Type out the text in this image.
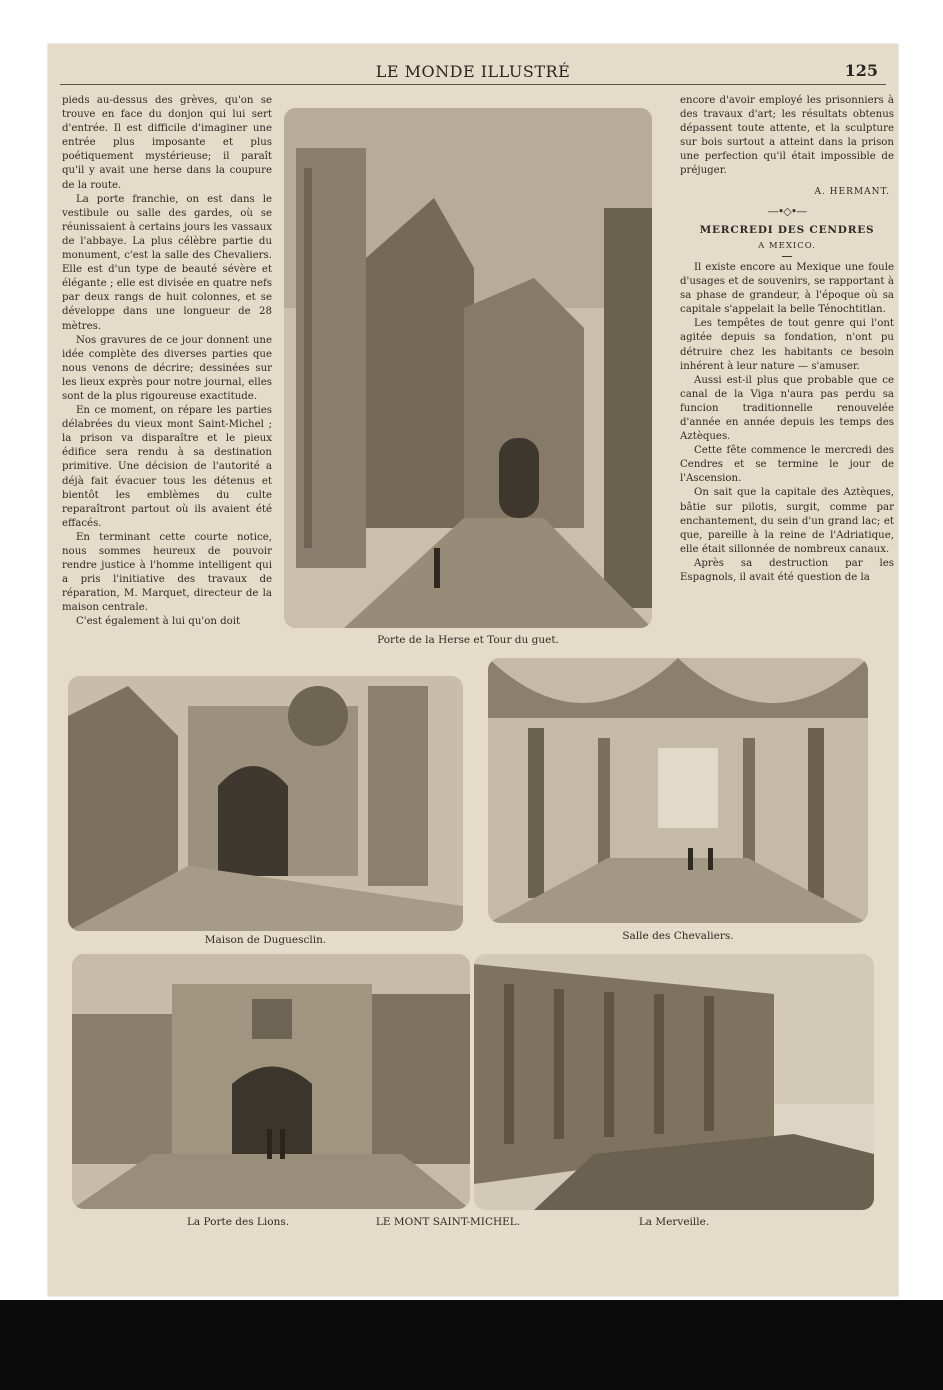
LE MONDE ILLUSTRÉ	125

pieds au-dessus des grèves, qu'on se trouve en face du donjon qui lui sert d'entrée. Il est difficile d'imaginer une entrée plus imposante et plus poétiquement mystérieuse; il paraît qu'il y avait une herse dans la coupure de la route.

La porte franchie, on est dans le vestibule ou salle des gardes, où se réunissaient à certains jours les vassaux de l'abbaye. La plus célèbre partie du monument, c'est la salle des Chevaliers. Elle est d'un type de beauté sévère et élégante ; elle est divisée en quatre nefs par deux rangs de huit colonnes, et se développe dans une longueur de 28 mètres.

Nos gravures de ce jour donnent une idée complète des diverses parties que nous venons de décrire; dessinées sur les lieux exprès pour notre journal, elles sont de la plus rigoureuse exactitude.

En ce moment, on répare les parties délabrées du vieux mont Saint-Michel ; la prison va disparaître et le pieux édifice sera rendu à sa destination primitive. Une décision de l'autorité a déjà fait évacuer tous les détenus et bientôt les emblèmes du culte reparaîtront partout où ils avaient été effacés.

En terminant cette courte notice, nous sommes heureux de pouvoir rendre justice à l'homme intelligent qui a pris l'initiative des travaux de réparation, M. Marquet, directeur de la maison centrale.

C'est également à lui qu'on doit

encore d'avoir employé les prisonniers à des travaux d'art; les résultats obtenus dépassent toute attente, et la sculpture sur bois surtout a atteint dans la prison une perfection qu'il était impossible de préjuger.

A. HERMANT.
—•◇•—
MERCREDI DES CENDRES
A MEXICO.

Il existe encore au Mexique une foule d'usages et de souvenirs, se rapportant à sa phase de grandeur, à l'époque où sa capitale s'appelait la belle Ténochtitlan.

Les tempêtes de tout genre qui l'ont agitée depuis sa fondation, n'ont pu détruire chez les habitants ce besoin inhérent à leur nature — s'amuser.

Aussi est-il plus que probable que ce canal de la Viga n'aura pas perdu sa funcion traditionnelle renouvelée d'année en année depuis les temps des Aztèques.

Cette fête commence le mercredi des Cendres et se termine le jour de l'Ascension.

On sait que la capitale des Aztèques, bâtie sur pilotis, surgit, comme par enchantement, du sein d'un grand lac; et que, pareille à la reine de l'Adriatique, elle était sillonnée de nombreux canaux.

Après sa destruction par les Espagnols, il avait été question de la

Porte de la Herse et Tour du guet.
Maison de Duguesclin.	Salle des Chevaliers.
La Porte des Lions.	LE MONT SAINT-MICHEL.	La Merveille.
